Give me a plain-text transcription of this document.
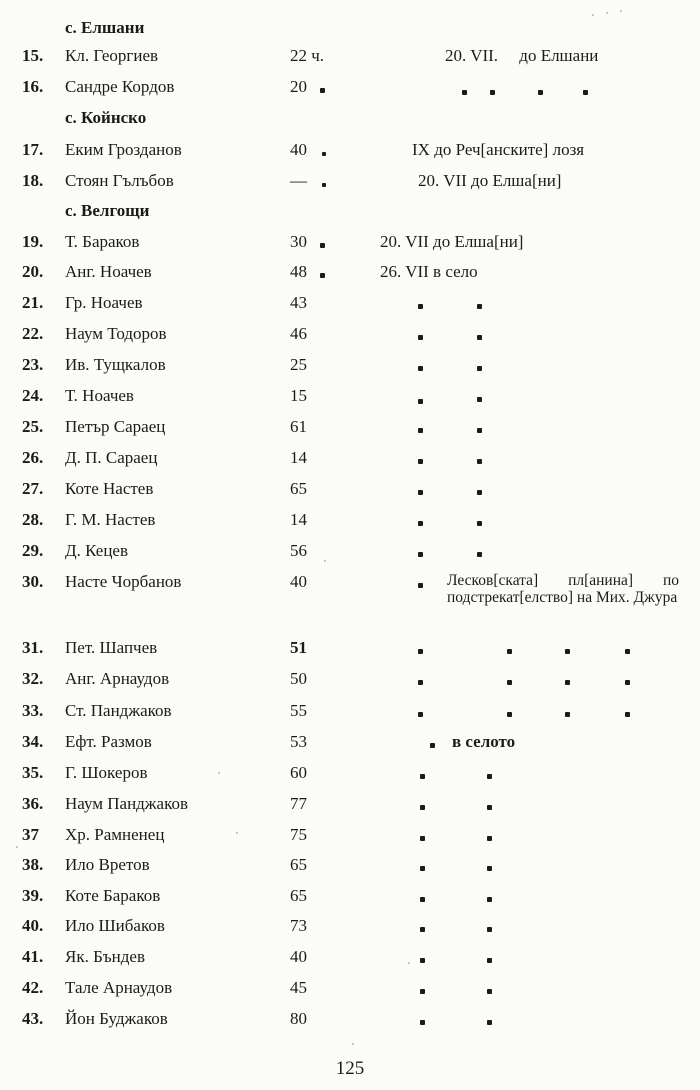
с. Елшани
15. Кл. Георгиев	22 ч.	20. VII.     до Елшани
16. Сандре Кордов	20
с. Койнско
17. Еким Грозданов	40	IX до Реч[анските] лозя
18. Стоян Гълъбов	—	20. VII до Елша[ни]
с. Велгощи
19. Т. Бараков	30	20. VII до Елша[ни]
20. Анг. Ноачев	48	26. VII в село
21. Гр. Ноачев	43
22. Наум Тодоров	46
23. Ив. Тущкалов	25
24. Т. Ноачев	15
25. Петър Сараец	61
26. Д. П. Сараец	14
27. Коте Настев	65
28. Г. М. Настев	14
29. Д. Кецев	56
30. Насте Чорбанов	40	Лесков[ската] пл[анина] по подстрекат[елство] на Мих. Джура
31. Пет. Шапчев	51
32. Анг. Арнаудов	50
33. Ст. Панджаков	55
34. Ефт. Размов	53	в селото
35. Г. Шокеров	60
36. Наум Панджаков	77
37 Хр. Рамненец	75
38. Ило Вретов	65
39. Коте Бараков	65
40. Ило Шибаков	73
41. Як. Бъндев	40
42. Тале Арнаудов	45
43. Йон Буджаков	80
125
